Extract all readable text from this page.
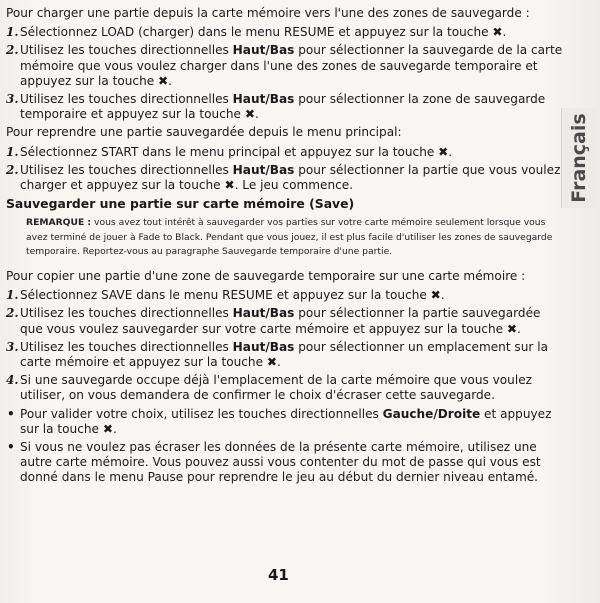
Pour charger une partie depuis la carte mémoire vers l'une des zones de sauvegarde :

1. Sélectionnez LOAD (charger) dans le menu RESUME et appuyez sur la touche ✖.
2. Utilisez les touches directionnelles Haut/Bas pour sélectionner la sauvegarde de la carte mémoire que vous voulez charger dans l'une des zones de sauvegarde temporaire et appuyez sur la touche ✖.
3. Utilisez les touches directionnelles Haut/Bas pour sélectionner la zone de sauvegarde temporaire et appuyez sur la touche ✖.

Pour reprendre une partie sauvegardée depuis le menu principal:

1. Sélectionnez START dans le menu principal et appuyez sur la touche ✖.
2. Utilisez les touches directionnelles Haut/Bas pour sélectionner la partie que vous voulez charger et appuyez sur la touche ✖. Le jeu commence.
Sauvegarder une partie sur carte mémoire (Save)
REMARQUE : vous avez tout intérêt à sauvegarder vos parties sur votre carte mémoire seulement lorsque vous avez terminé de jouer à Fade to Black. Pendant que vous jouez, il est plus facile d'utiliser les zones de sauvegarde temporaire. Reportez-vous au paragraphe Sauvegarde temporaire d'une partie.

Pour copier une partie d'une zone de sauvegarde temporaire sur une carte mémoire :

1. Sélectionnez SAVE dans le menu RESUME et appuyez sur la touche ✖.
2. Utilisez les touches directionnelles Haut/Bas pour sélectionner la partie sauvegardée que vous voulez sauvegarder sur votre carte mémoire et appuyez sur la touche ✖.
3. Utilisez les touches directionnelles Haut/Bas pour sélectionner un emplacement sur la carte mémoire et appuyez sur la touche ✖.
4. Si une sauvegarde occupe déjà l'emplacement de la carte mémoire que vous voulez utiliser, on vous demandera de confirmer le choix d'écraser cette sauvegarde.
• Pour valider votre choix, utilisez les touches directionnelles Gauche/Droite et appuyez sur la touche ✖.
• Si vous ne voulez pas écraser les données de la présente carte mémoire, utilisez une autre carte mémoire. Vous pouvez aussi vous contenter du mot de passe qui vous est donné dans le menu Pause pour reprendre le jeu au début du dernier niveau entamé.
Français
41
